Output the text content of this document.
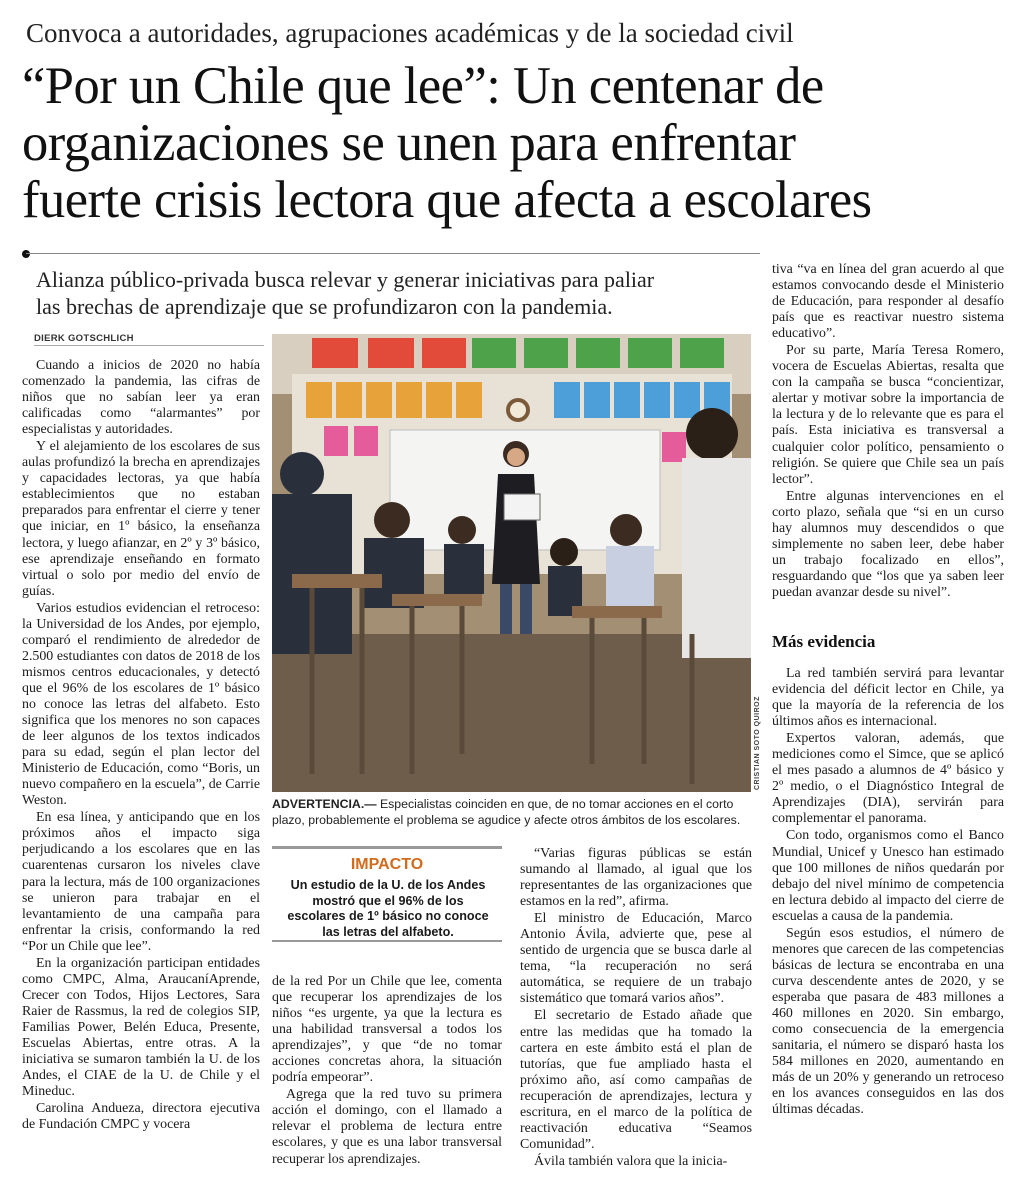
Convoca a autoridades, agrupaciones académicas y de la sociedad civil
“Por un Chile que lee”: Un centenar de
organizaciones se unen para enfrentar
fuerte crisis lectora que afecta a escolares
Alianza público-privada busca relevar y generar iniciativas para paliar
las brechas de aprendizaje que se profundizaron con la pandemia.
DIERK GOTSCHLICH

Cuando a inicios de 2020 no había comenzado la pandemia, las cifras de niños que no sabían leer ya eran calificadas como “alarmantes” por especialistas y autoridades.

Y el alejamiento de los escolares de sus aulas profundizó la brecha en aprendizajes y capacidades lectoras, ya que había establecimientos que no estaban preparados para enfrentar el cierre y tener que iniciar, en 1º básico, la enseñanza lectora, y luego afianzar, en 2º y 3º básico, ese aprendizaje enseñando en formato virtual o solo por medio del envío de guías.

Varios estudios evidencian el retroceso: la Universidad de los Andes, por ejemplo, comparó el rendimiento de alrededor de 2.500 estudiantes con datos de 2018 de los mismos centros educacionales, y detectó que el 96% de los escolares de 1º básico no conoce las letras del alfabeto. Esto significa que los menores no son capaces de leer algunos de los textos indicados para su edad, según el plan lector del Ministerio de Educación, como “Boris, un nuevo compañero en la escuela”, de Carrie Weston.

En esa línea, y anticipando que en los próximos años el impacto siga perjudicando a los escolares que en las cuarentenas cursaron los niveles clave para la lectura, más de 100 organizaciones se unieron para trabajar en el levantamiento de una campaña para enfrentar la crisis, conformando la red “Por un Chile que lee”.

En la organización participan entidades como CMPC, Alma, AraucaníAprende, Crecer con Todos, Hijos Lectores, Sara Raier de Rassmus, la red de colegios SIP, Familias Power, Belén Educa, Presente, Escuelas Abiertas, entre otras. A la iniciativa se sumaron también la U. de los Andes, el CIAE de la U. de Chile y el Mineduc.

Carolina Andueza, directora ejecutiva de Fundación CMPC y vocera

CRISTIAN SOTO QUIROZ
ADVERTENCIA.— Especialistas coinciden en que, de no tomar acciones en el corto plazo, probablemente el problema se agudice y afecte otros ámbitos de los escolares.
IMPACTO
Un estudio de la U. de los Andes mostró que el 96% de los escolares de 1º básico no conoce las letras del alfabeto.

de la red Por un Chile que lee, comenta que recuperar los aprendizajes de los niños “es urgente, ya que la lectura es una habilidad transversal a todos los aprendizajes”, y que “de no tomar acciones concretas ahora, la situación podría empeorar”.

Agrega que la red tuvo su primera acción el domingo, con el llamado a relevar el problema de lectura entre escolares, y que es una labor transversal recuperar los aprendizajes.

“Varias figuras públicas se están sumando al llamado, al igual que los representantes de las organizaciones que estamos en la red”, afirma.

El ministro de Educación, Marco Antonio Ávila, advierte que, pese al sentido de urgencia que se busca darle al tema, “la recuperación no será automática, se requiere de un trabajo sistemático que tomará varios años”.

El secretario de Estado añade que entre las medidas que ha tomado la cartera en este ámbito está el plan de tutorías, que fue ampliado hasta el próximo año, así como campañas de recuperación de aprendizajes, lectura y escritura, en el marco de la política de reactivación educativa “Seamos Comunidad”.

Ávila también valora que la inicia-

tiva “va en línea del gran acuerdo al que estamos convocando desde el Ministerio de Educación, para responder al desafío país que es reactivar nuestro sistema educativo”.

Por su parte, María Teresa Romero, vocera de Escuelas Abiertas, resalta que con la campaña se busca “concientizar, alertar y motivar sobre la importancia de la lectura y de lo relevante que es para el país. Esta iniciativa es transversal a cualquier color político, pensamiento o religión. Se quiere que Chile sea un país lector”.

Entre algunas intervenciones en el corto plazo, señala que “si en un curso hay alumnos muy descendidos o que simplemente no saben leer, debe haber un trabajo focalizado en ellos”, resguardando que “los que ya saben leer puedan avanzar desde su nivel”.

Más evidencia

La red también servirá para levantar evidencia del déficit lector en Chile, ya que la mayoría de la referencia de los últimos años es internacional.

Expertos valoran, además, que mediciones como el Simce, que se aplicó el mes pasado a alumnos de 4º básico y 2º medio, o el Diagnóstico Integral de Aprendizajes (DIA), servirán para complementar el panorama.

Con todo, organismos como el Banco Mundial, Unicef y Unesco han estimado que 100 millones de niños quedarán por debajo del nivel mínimo de competencia en lectura debido al impacto del cierre de escuelas a causa de la pandemia.

Según esos estudios, el número de menores que carecen de las competencias básicas de lectura se encontraba en una curva descendente antes de 2020, y se esperaba que pasara de 483 millones a 460 millones en 2020. Sin embargo, como consecuencia de la emergencia sanitaria, el número se disparó hasta los 584 millones en 2020, aumentando en más de un 20% y generando un retroceso en los avances conseguidos en las dos últimas décadas.
